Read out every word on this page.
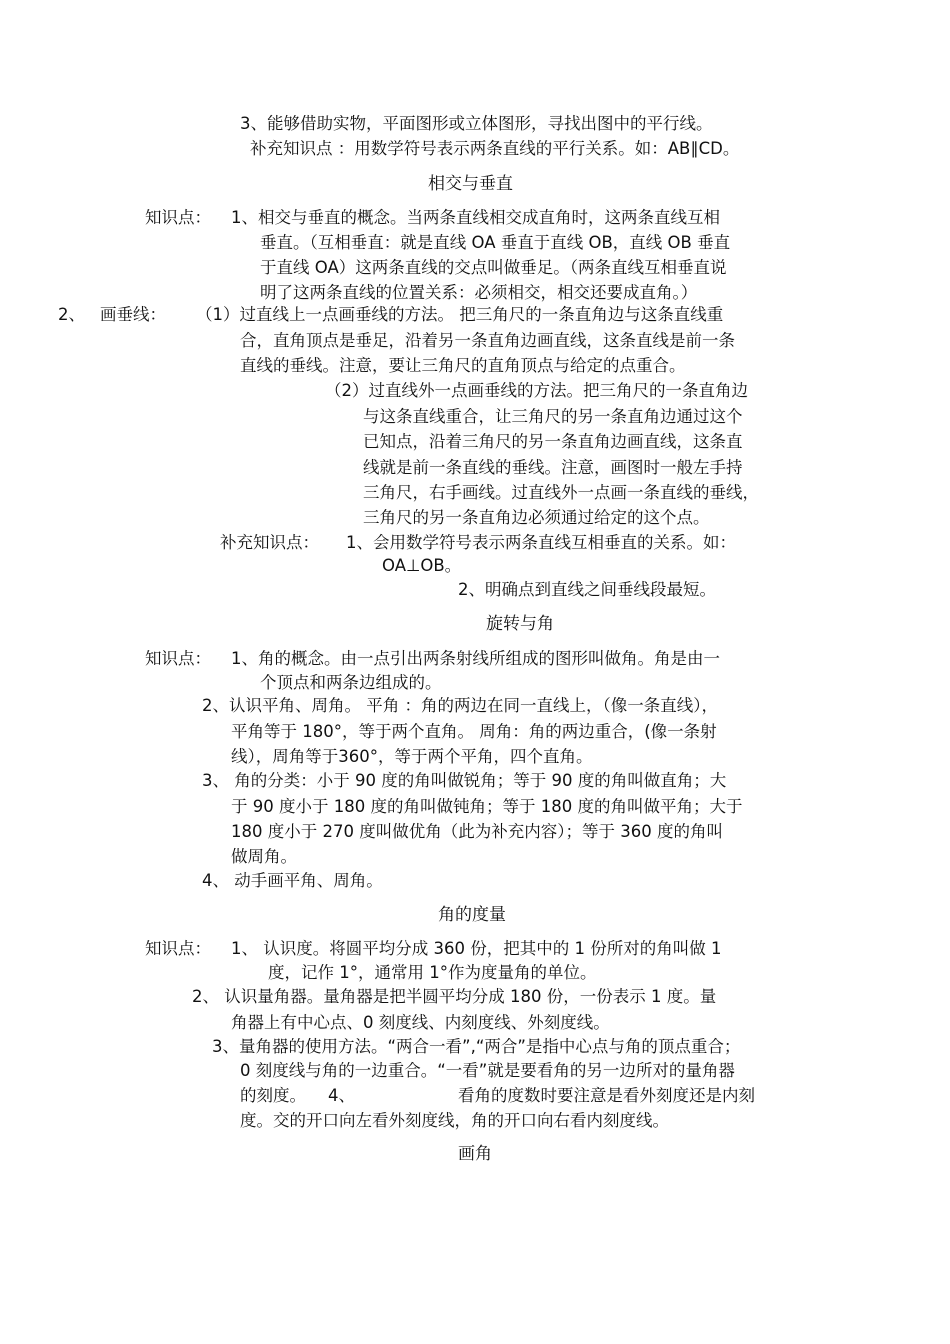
3、能够借助实物，平面图形或立体图形，寻找出图中的平行线。
补充知识点 ：用数学符号表示两条直线的平行关系。如：AB∥CD。
相交与垂直
知识点： 1、相交与垂直的概念。当两条直线相交成直角时，这两条直线互相
垂直。（互相垂直：就是直线 OA 垂直于直线 OB，直线 OB 垂直
于直线 OA）这两条直线的交点叫做垂足。（两条直线互相垂直说
明了这两条直线的位置关系：必须相交，相交还要成直角。）
2、 画垂线： （1）过直线上一点画垂线的方法。 把三角尺的一条直角边与这条直线重
合，直角顶点是垂足，沿着另一条直角边画直线，这条直线是前一条
直线的垂线。注意，要让三角尺的直角顶点与给定的点重合。
（2）过直线外一点画垂线的方法。把三角尺的一条直角边
与这条直线重合，让三角尺的另一条直角边通过这个
已知点，沿着三角尺的另一条直角边画直线，这条直
线就是前一条直线的垂线。注意，画图时一般左手持
三角尺，右手画线。过直线外一点画一条直线的垂线，
三角尺的另一条直角边必须通过给定的这个点。
补充知识点： 1、会用数学符号表示两条直线互相垂直的关系。如：
OA⊥OB。
2、明确点到直线之间垂线段最短。
旋转与角
知识点： 1、角的概念。由一点引出两条射线所组成的图形叫做角。角是由一
个顶点和两条边组成的。
2、认识平角、周角。 平角 ：角的两边在同一直线上，（像一条直线），
平角等于 180°，等于两个直角。 周角：角的两边重合，(像一条射
线），周角等于360°，等于两个平角，四个直角。
3、 角的分类：小于 90 度的角叫做锐角；等于 90 度的角叫做直角；大
于 90 度小于 180 度的角叫做钝角；等于 180 度的角叫做平角；大于
180 度小于 270 度叫做优角（此为补充内容）；等于 360 度的角叫
做周角。
4、 动手画平角、周角。
角的度量
知识点： 1、 认识度。将圆平均分成 360 份，把其中的 1 份所对的角叫做 1
度，记作 1°，通常用 1°作为度量角的单位。
2、 认识量角器。量角器是把半圆平均分成 180 份，一份表示 1 度。量
角器上有中心点、0 刻度线、内刻度线、外刻度线。
3、量角器的使用方法。“两合一看”,“两合”是指中心点与角的顶点重合；
0 刻度线与角的一边重合。“一看”就是要看角的另一边所对的量角器
的刻度。 4、	看角的度数时要注意是看外刻度还是内刻
度。交的开口向左看外刻度线，角的开口向右看内刻度线。
画角
